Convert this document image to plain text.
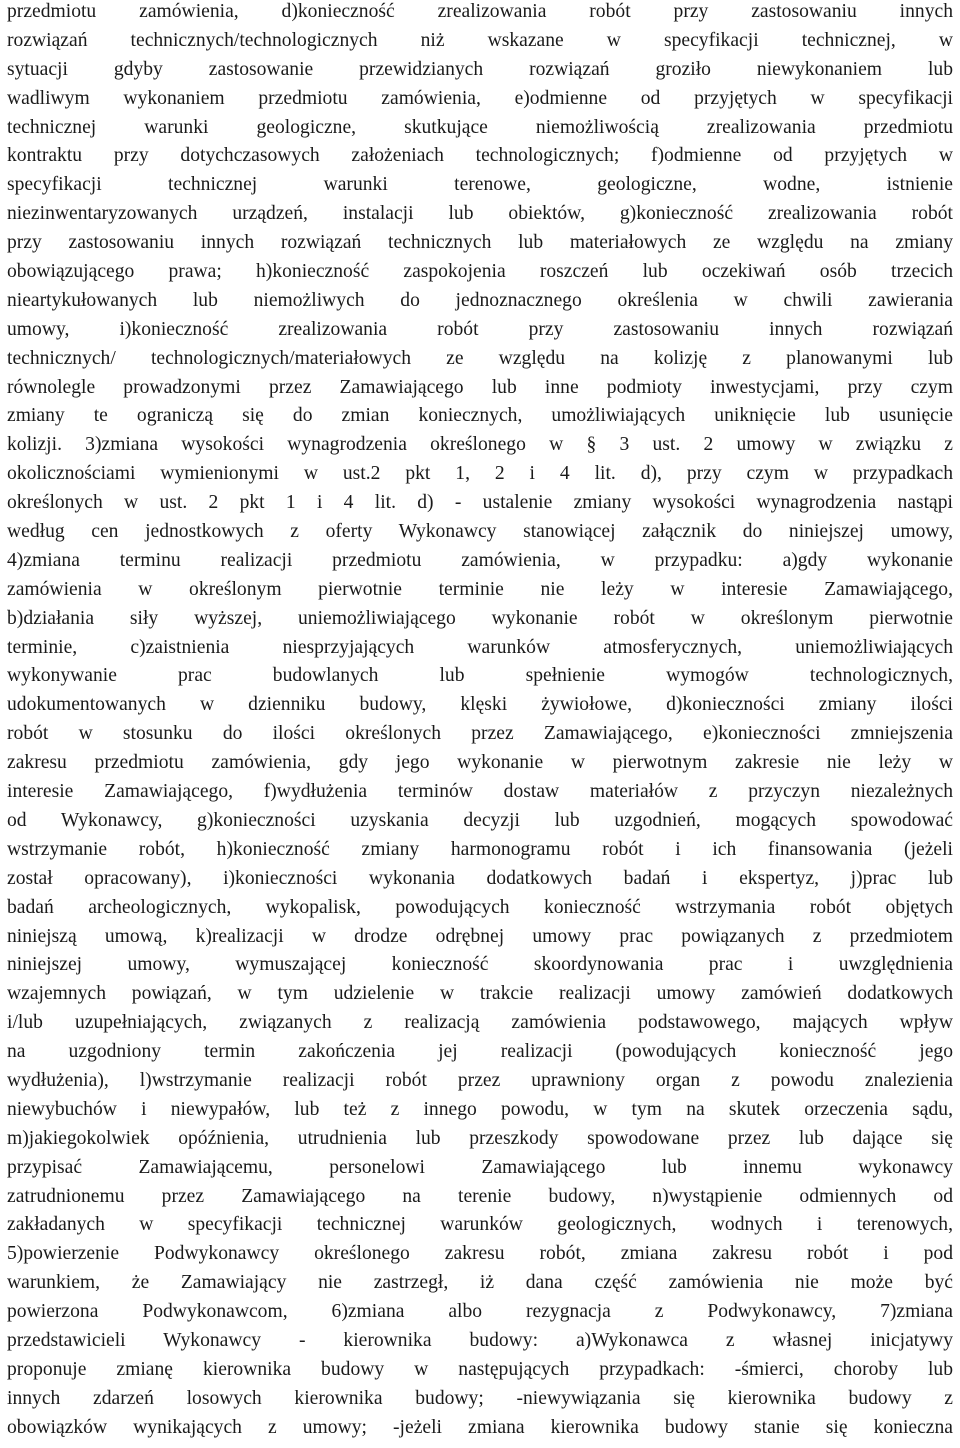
przedmiotu zamówienia, d)konieczność zrealizowania robót przy zastosowaniu innych
rozwiązań technicznych/technologicznych niż wskazane w specyfikacji technicznej, w
sytuacji gdyby zastosowanie przewidzianych rozwiązań groziło niewykonaniem lub
wadliwym wykonaniem przedmiotu zamówienia, e)odmienne od przyjętych w specyfikacji
technicznej warunki geologiczne, skutkujące niemożliwością zrealizowania przedmiotu
kontraktu przy dotychczasowych założeniach technologicznych; f)odmienne od przyjętych w
specyfikacji technicznej warunki terenowe, geologiczne, wodne, istnienie
niezinwentaryzowanych urządzeń, instalacji lub obiektów, g)konieczność zrealizowania robót
przy zastosowaniu innych rozwiązań technicznych lub materiałowych ze względu na zmiany
obowiązującego prawa; h)konieczność zaspokojenia roszczeń lub oczekiwań osób trzecich
nieartykułowanych lub niemożliwych do jednoznacznego określenia w chwili zawierania
umowy, i)konieczność zrealizowania robót przy zastosowaniu innych rozwiązań
technicznych/ technologicznych/materiałowych ze względu na kolizję z planowanymi lub
równolegle prowadzonymi przez Zamawiającego lub inne podmioty inwestycjami, przy czym
zmiany te ograniczą się do zmian koniecznych, umożliwiających uniknięcie lub usunięcie
kolizji. 3)zmiana wysokości wynagrodzenia określonego w § 3 ust. 2 umowy w związku z
okolicznościami wymienionymi w ust.2 pkt 1, 2 i 4 lit. d), przy czym w przypadkach
określonych w ust. 2 pkt 1 i 4 lit. d) - ustalenie zmiany wysokości wynagrodzenia nastąpi
według cen jednostkowych z oferty Wykonawcy stanowiącej załącznik do niniejszej umowy,
4)zmiana terminu realizacji przedmiotu zamówienia, w przypadku: a)gdy wykonanie
zamówienia w określonym pierwotnie terminie nie leży w interesie Zamawiającego,
b)działania siły wyższej, uniemożliwiającego wykonanie robót w określonym pierwotnie
terminie, c)zaistnienia niesprzyjających warunków atmosferycznych, uniemożliwiających
wykonywanie prac budowlanych lub spełnienie wymogów technologicznych,
udokumentowanych w dzienniku budowy, klęski żywiołowe, d)konieczności zmiany ilości
robót w stosunku do ilości określonych przez Zamawiającego, e)konieczności zmniejszenia
zakresu przedmiotu zamówienia, gdy jego wykonanie w pierwotnym zakresie nie leży w
interesie Zamawiającego, f)wydłużenia terminów dostaw materiałów z przyczyn niezależnych
od Wykonawcy, g)konieczności uzyskania decyzji lub uzgodnień, mogących spowodować
wstrzymanie robót, h)konieczność zmiany harmonogramu robót i ich finansowania (jeżeli
został opracowany), i)konieczności wykonania dodatkowych badań i ekspertyz, j)prac lub
badań archeologicznych, wykopalisk, powodujących konieczność wstrzymania robót objętych
niniejszą umową, k)realizacji w drodze odrębnej umowy prac powiązanych z przedmiotem
niniejszej umowy, wymuszającej konieczność skoordynowania prac i uwzględnienia
wzajemnych powiązań, w tym udzielenie w trakcie realizacji umowy zamówień dodatkowych
i/lub uzupełniających, związanych z realizacją zamówienia podstawowego, mających wpływ
na uzgodniony termin zakończenia jej realizacji (powodujących konieczność jego
wydłużenia), l)wstrzymanie realizacji robót przez uprawniony organ z powodu znalezienia
niewybuchów i niewypałów, lub też z innego powodu, w tym na skutek orzeczenia sądu,
m)jakiegokolwiek opóźnienia, utrudnienia lub przeszkody spowodowane przez lub dające się
przypisać Zamawiającemu, personelowi Zamawiającego lub innemu wykonawcy
zatrudnionemu przez Zamawiającego na terenie budowy, n)wystąpienie odmiennych od
zakładanych w specyfikacji technicznej warunków geologicznych, wodnych i terenowych,
5)powierzenie Podwykonawcy określonego zakresu robót, zmiana zakresu robót i pod
warunkiem, że Zamawiający nie zastrzegł, iż dana część zamówienia nie może być
powierzona Podwykonawcom, 6)zmiana albo rezygnacja z Podwykonawcy, 7)zmiana
przedstawicieli Wykonawcy - kierownika budowy: a)Wykonawca z własnej inicjatywy
proponuje zmianę kierownika budowy w następujących przypadkach: -śmierci, choroby lub
innych zdarzeń losowych kierownika budowy; -niewywiązania się kierownika budowy z
obowiązków wynikających z umowy; -jeżeli zmiana kierownika budowy stanie się konieczna
